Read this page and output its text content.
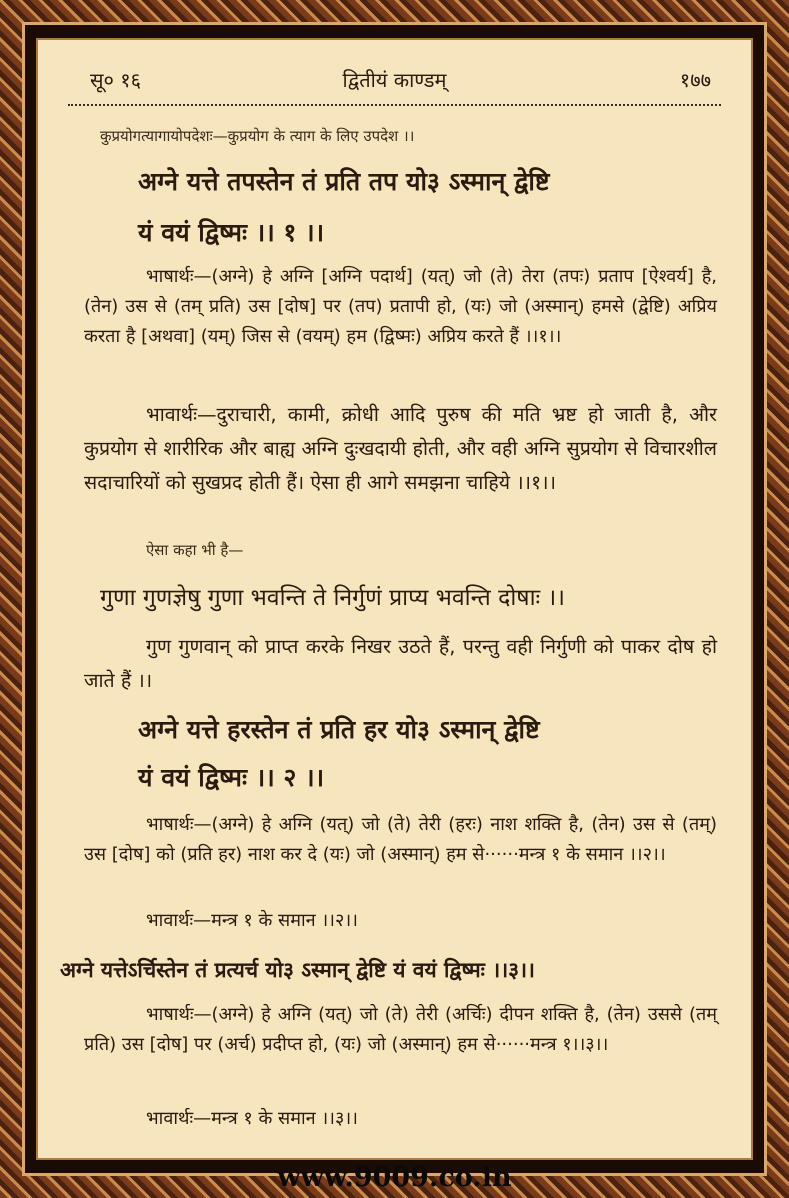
सू० १६	द्वितीयं काण्डम्	१७७
कुप्रयोगत्यागायोपदेशः—कुप्रयोग के त्याग के लिए उपदेश ।।
अग्ने यत्ते तपस्तेन तं प्रति तप यो३ ऽस्मान् द्वेष्टि
यं वयं द्विष्मः ।। १ ।।
भाषार्थः—(अग्ने) हे अग्नि [अग्नि पदार्थ] (यत्) जो (ते) तेरा (तपः) प्रताप [ऐश्वर्य] है, (तेन) उस से (तम् प्रति) उस [दोष] पर (तप) प्रतापी हो, (यः) जो (अस्मान्) हमसे (द्वेष्टि) अप्रिय करता है [अथवा] (यम्) जिस से (वयम्) हम (द्विष्मः) अप्रिय करते हैं ।।१।।
भावार्थः—दुराचारी, कामी, क्रोधी आदि पुरुष की मति भ्रष्ट हो जाती है, और कुप्रयोग से शारीरिक और बाह्य अग्नि दुःखदायी होती, और वही अग्नि सुप्रयोग से विचारशील सदाचारियों को सुखप्रद होती हैं। ऐसा ही आगे समझना चाहिये ।।१।।
ऐसा कहा भी है—
गुणा गुणज्ञेषु गुणा भवन्ति ते निर्गुणं प्राप्य भवन्ति दोषाः ।।
गुण गुणवान् को प्राप्त करके निखर उठते हैं, परन्तु वही निर्गुणी को पाकर दोष हो जाते हैं ।।
अग्ने यत्ते हरस्तेन तं प्रति हर यो३ ऽस्मान् द्वेष्टि
यं वयं द्विष्मः ।। २ ।।
भाषार्थः—(अग्ने) हे अग्नि (यत्) जो (ते) तेरी (हरः) नाश शक्ति है, (तेन) उस से (तम्) उस [दोष] को (प्रति हर) नाश कर दे (यः) जो (अस्मान्) हम से······मन्त्र १ के समान ।।२।।
भावार्थः—मन्त्र १ के समान ।।२।।
अग्ने यत्तेऽर्चिस्तेन तं प्रत्यर्च यो३ ऽस्मान् द्वेष्टि यं वयं द्विष्मः ।।३।।
भाषार्थः—(अग्ने) हे अग्नि (यत्) जो (ते) तेरी (अर्चिः) दीपन शक्ति है, (तेन) उससे (तम् प्रति) उस [दोष] पर (अर्च) प्रदीप्त हो, (यः) जो (अस्मान्) हम से······मन्त्र १।।३।।
भावार्थः—मन्त्र १ के समान ।।३।।
www.9009.co.in
